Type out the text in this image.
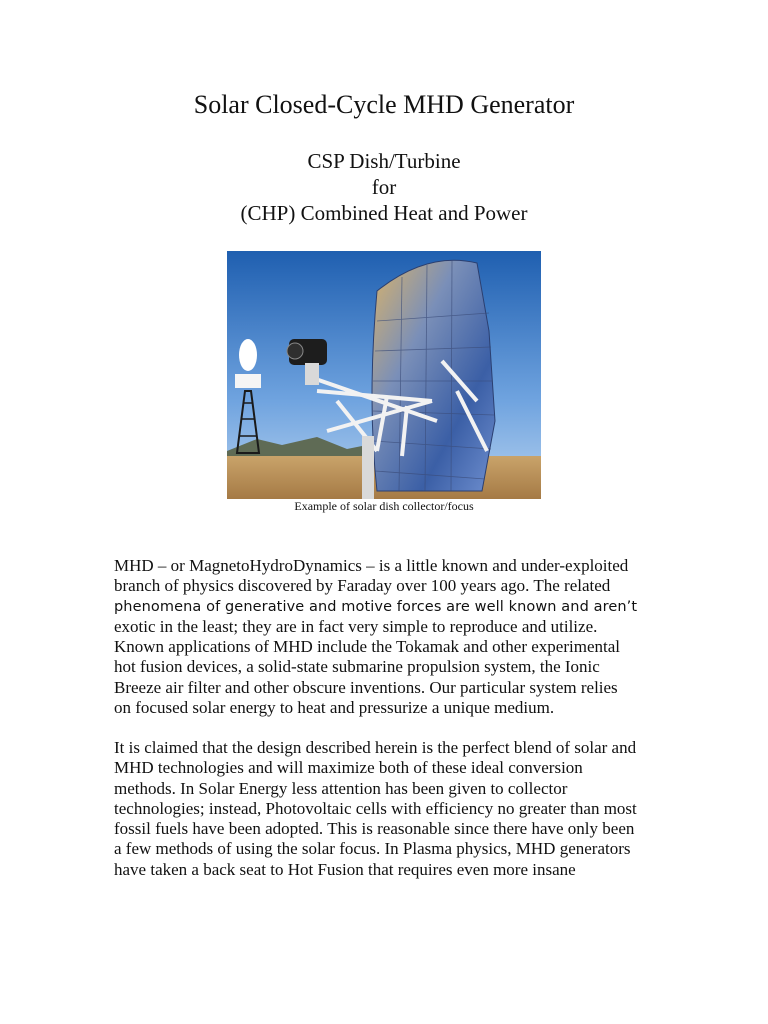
Solar Closed-Cycle MHD Generator
CSP Dish/Turbine
for
(CHP) Combined Heat and Power
Example of solar dish collector/focus
MHD – or MagnetoHydroDynamics – is a little known and under-exploited
branch of physics discovered by Faraday over 100 years ago. The related
phenomena of generative and motive forces are well known and aren’t
exotic in the least; they are in fact very simple to reproduce and utilize.
Known applications of MHD include the Tokamak and other experimental
hot fusion devices, a solid-state submarine propulsion system, the Ionic
Breeze air filter and other obscure inventions. Our particular system relies
on focused solar energy to heat and pressurize a unique medium.
It is claimed that the design described herein is the perfect blend of solar and
MHD technologies and will maximize both of these ideal conversion
methods. In Solar Energy less attention has been given to collector
technologies; instead, Photovoltaic cells with efficiency no greater than most
fossil fuels have been adopted. This is reasonable since there have only been
a few methods of using the solar focus. In Plasma physics, MHD generators
have taken a back seat to Hot Fusion that requires even more insane
